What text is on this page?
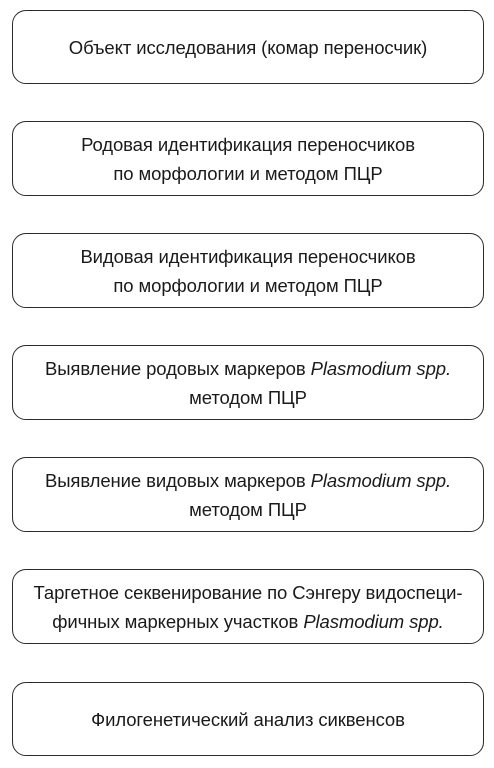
Объект исследования (комар переносчик)
Родовая идентификация переносчиков
по морфологии и методом ПЦР
Видовая идентификация переносчиков
по морфологии и методом ПЦР
Выявление родовых маркеров Plasmodium spp.
методом ПЦР
Выявление видовых маркеров Plasmodium spp.
методом ПЦР
Таргетное секвенирование по Сэнгеру видоспеци-
фичных маркерных участков Plasmodium spp.
Филогенетический анализ сиквенсов
